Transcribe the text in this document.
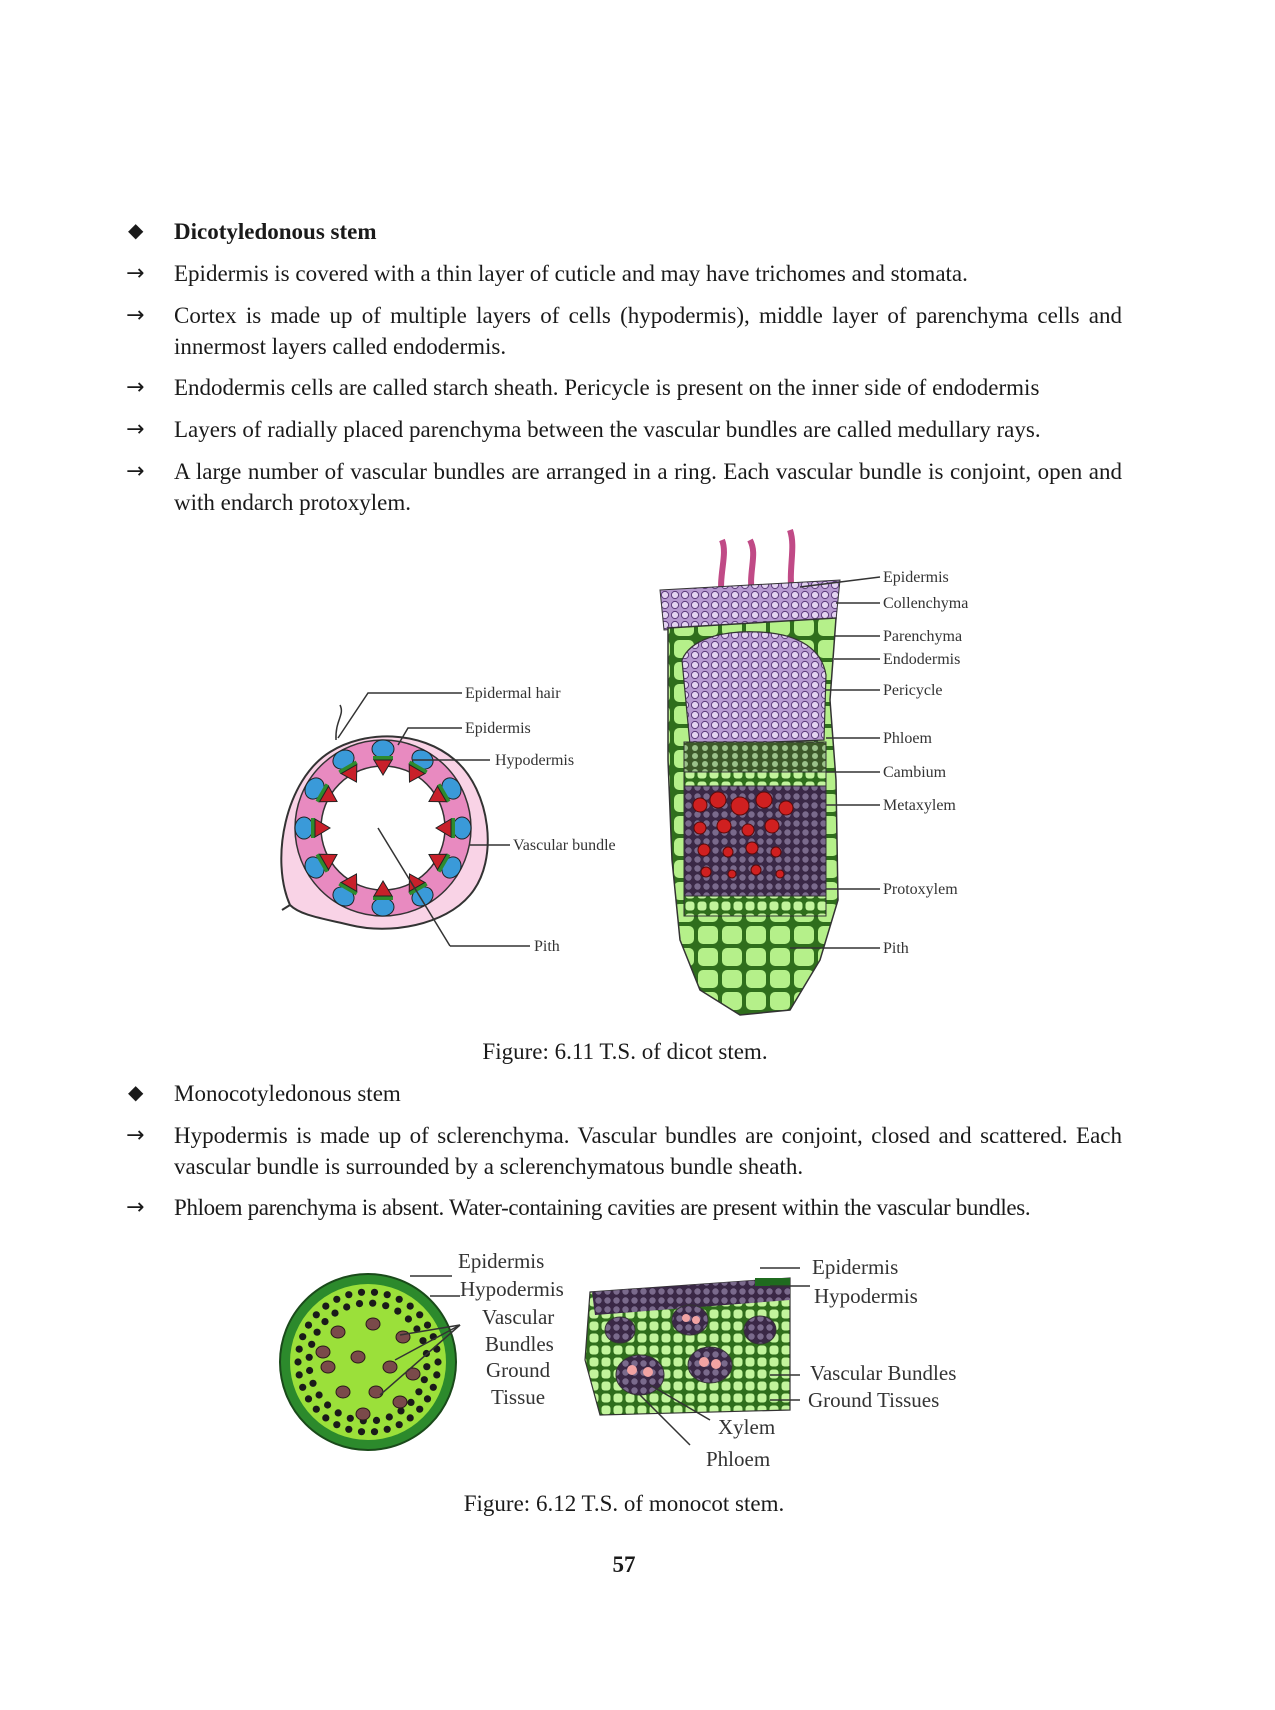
◆ Dicotyledonous stem
→ Epidermis is covered with a thin layer of cuticle and may have trichomes and stomata.
→ Cortex is made up of multiple layers of cells (hypodermis), middle layer of parenchyma cells and innermost layers called endodermis.
→ Endodermis cells are called starch sheath. Pericycle is present on the inner side of endodermis
→ Layers of radially placed parenchyma between the vascular bundles are called medullary rays.
→ A large number of vascular bundles are arranged in a ring. Each vascular bundle is conjoint, open and with endarch protoxylem.
Epidermal hair
Epidermis
Hypodermis
Vascular bundle
Pith
Epidermis
Collenchyma
Parenchyma
Endodermis
Pericycle
Phloem
Cambium
Metaxylem
Protoxylem
Pith
Epidermis
Hypodermis
Vascular
Bundles
Ground
Tissue
Epidermis
Hypodermis
Vascular Bundles
Ground Tissues
Xylem
Phloem
Figure: 6.11 T.S. of dicot stem.
◆ Monocotyledonous stem
→ Hypodermis is made up of sclerenchyma. Vascular bundles are conjoint, closed and scattered. Each vascular bundle is surrounded by a sclerenchymatous bundle sheath.
→ Phloem parenchyma is absent. Water-containing cavities are present within the vascular bundles.
Figure: 6.12 T.S. of monocot stem.
57
